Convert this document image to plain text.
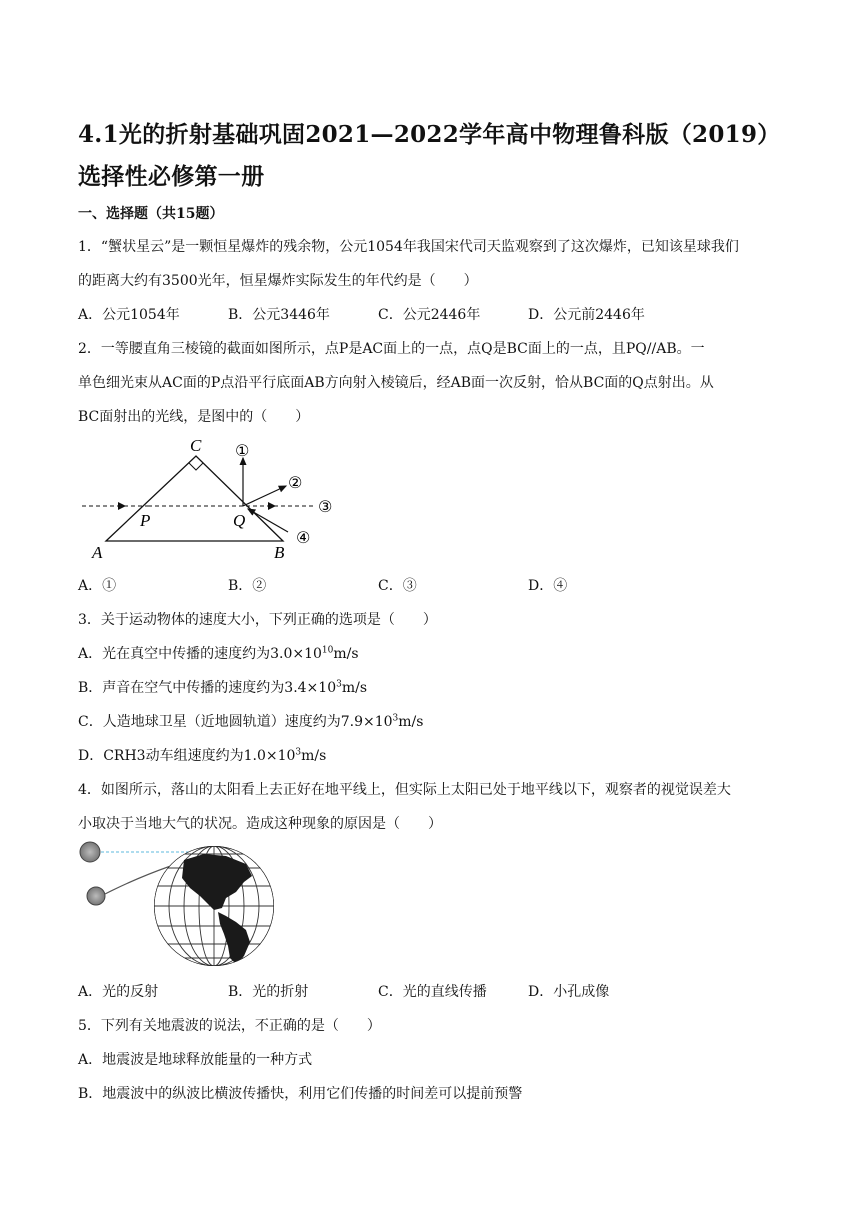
4.1光的折射基础巩固2021—2022学年高中物理鲁科版（2019）选择性必修第一册
一、选择题（共15题）
1．“蟹状星云”是一颗恒星爆炸的残余物，公元1054年我国宋代司天监观察到了这次爆炸，已知该星球我们
的距离大约有3500光年，恒星爆炸实际发生的年代约是（　　）
A．公元1054年	B．公元3446年	C．公元2446年	D．公元前2446年
2．一等腰直角三棱镜的截面如图所示，点P是AC面上的一点，点Q是BC面上的一点，且PQ//AB。一
单色细光束从AC面的P点沿平行底面AB方向射入棱镜后，经AB面一次反射，恰从BC面的Q点射出。从
BC面射出的光线，是图中的（　　）
C
A	B
P	Q
①
②
③
④
A．①	B．②	C．③	D．④
3．关于运动物体的速度大小，下列正确的选项是（　　）
A．光在真空中传播的速度约为$3.0\times 10^{10}m/s$
B．声音在空气中传播的速度约为$3.4\times 10^3m/s$
C．人造地球卫星（近地圆轨道）速度约为$7.9\times 10^3m/s$
D．CRH3动车组速度约为$1.0\times 10^3m/s$
4．如图所示，落山的太阳看上去正好在地平线上，但实际上太阳已处于地平线以下，观察者的视觉误差大
小取决于当地大气的状况。造成这种现象的原因是（　　）
A．光的反射	B．光的折射	C．光的直线传播	D．小孔成像
5．下列有关地震波的说法，不正确的是（　　）
A．地震波是地球释放能量的一种方式
B．地震波中的纵波比横波传播快，利用它们传播的时间差可以提前预警
